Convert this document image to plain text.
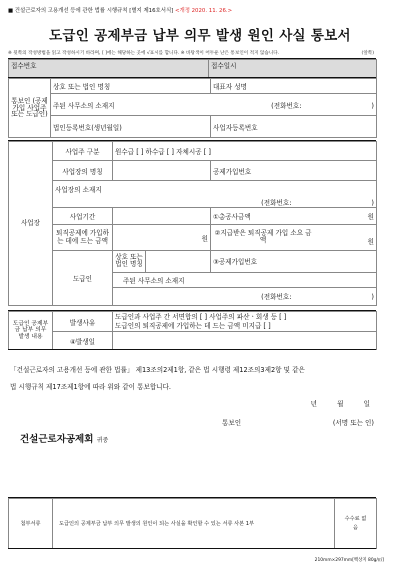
■ 건설근로자의 고용개선 등에 관한 법률 시행규칙 [별지 제16호서식] <개정 2020. 11. 26.>
도급인 공제부금 납부 의무 발생 원인 사실 통보서
※ 뒷쪽의 작성방법을 읽고 작성하시기 바라며, [ ]에는 해당하는 곳에 √표시를 합니다. ※ 바탕색이 어두운 난은 통보인이 적지 않습니다.	(앞쪽)
접수번호	접수일시
통보인 (공제가입 사업주 또는 도급인)	상호 또는 법인 명칭	대표자 성명
	주된 사무소의 소재지 (전화번호: )	

	법인등록번호(생년월일)	사업자등록번호
사업장	사업주 구분	원수급 [ ] 하수급 [ ] 자체시공 [ ]	
	사업장의 명칭		공제가입번호

	사업장의 소재지
(전화번호: )		

	사업기간		①총공사금액 원

	퇴직공제에 가입하는 데에 드는 금액	원	②지급받은 퇴직공제 가입 소요 금액 원

	도급인	상호 또는 법인 명칭	③공제가입번호
		주된 사무소의 소재지	
		(전화번호: )	
도급인 공제부금 납부 의무 발생 내용	발생사유	도급인과 사업주 간 서면합의 [ ] 사업주의 파산ㆍ회생 등 [ ]
도급인의 퇴직공제에 가입하는 데 드는 금액 미지급 [ ]

	④발생일	
「건설근로자의 고용개선 등에 관한 법률」 제13조의2제1항, 같은 법 시행령 제12조의3제2항 및 같은
법 시행규칙 제17조제1항에 따라 위와 같이 통보합니다.
년	월	일
통보인	(서명 또는 인)
건설근로자공제회 귀중
첨부서류	도급인의 공제부금 납부 의무 발생의 원인이 되는 사실을 확인할 수 있는 서류 사본 1부	수수료 없 음
210mm×297mm[백상지 80g/㎡]
